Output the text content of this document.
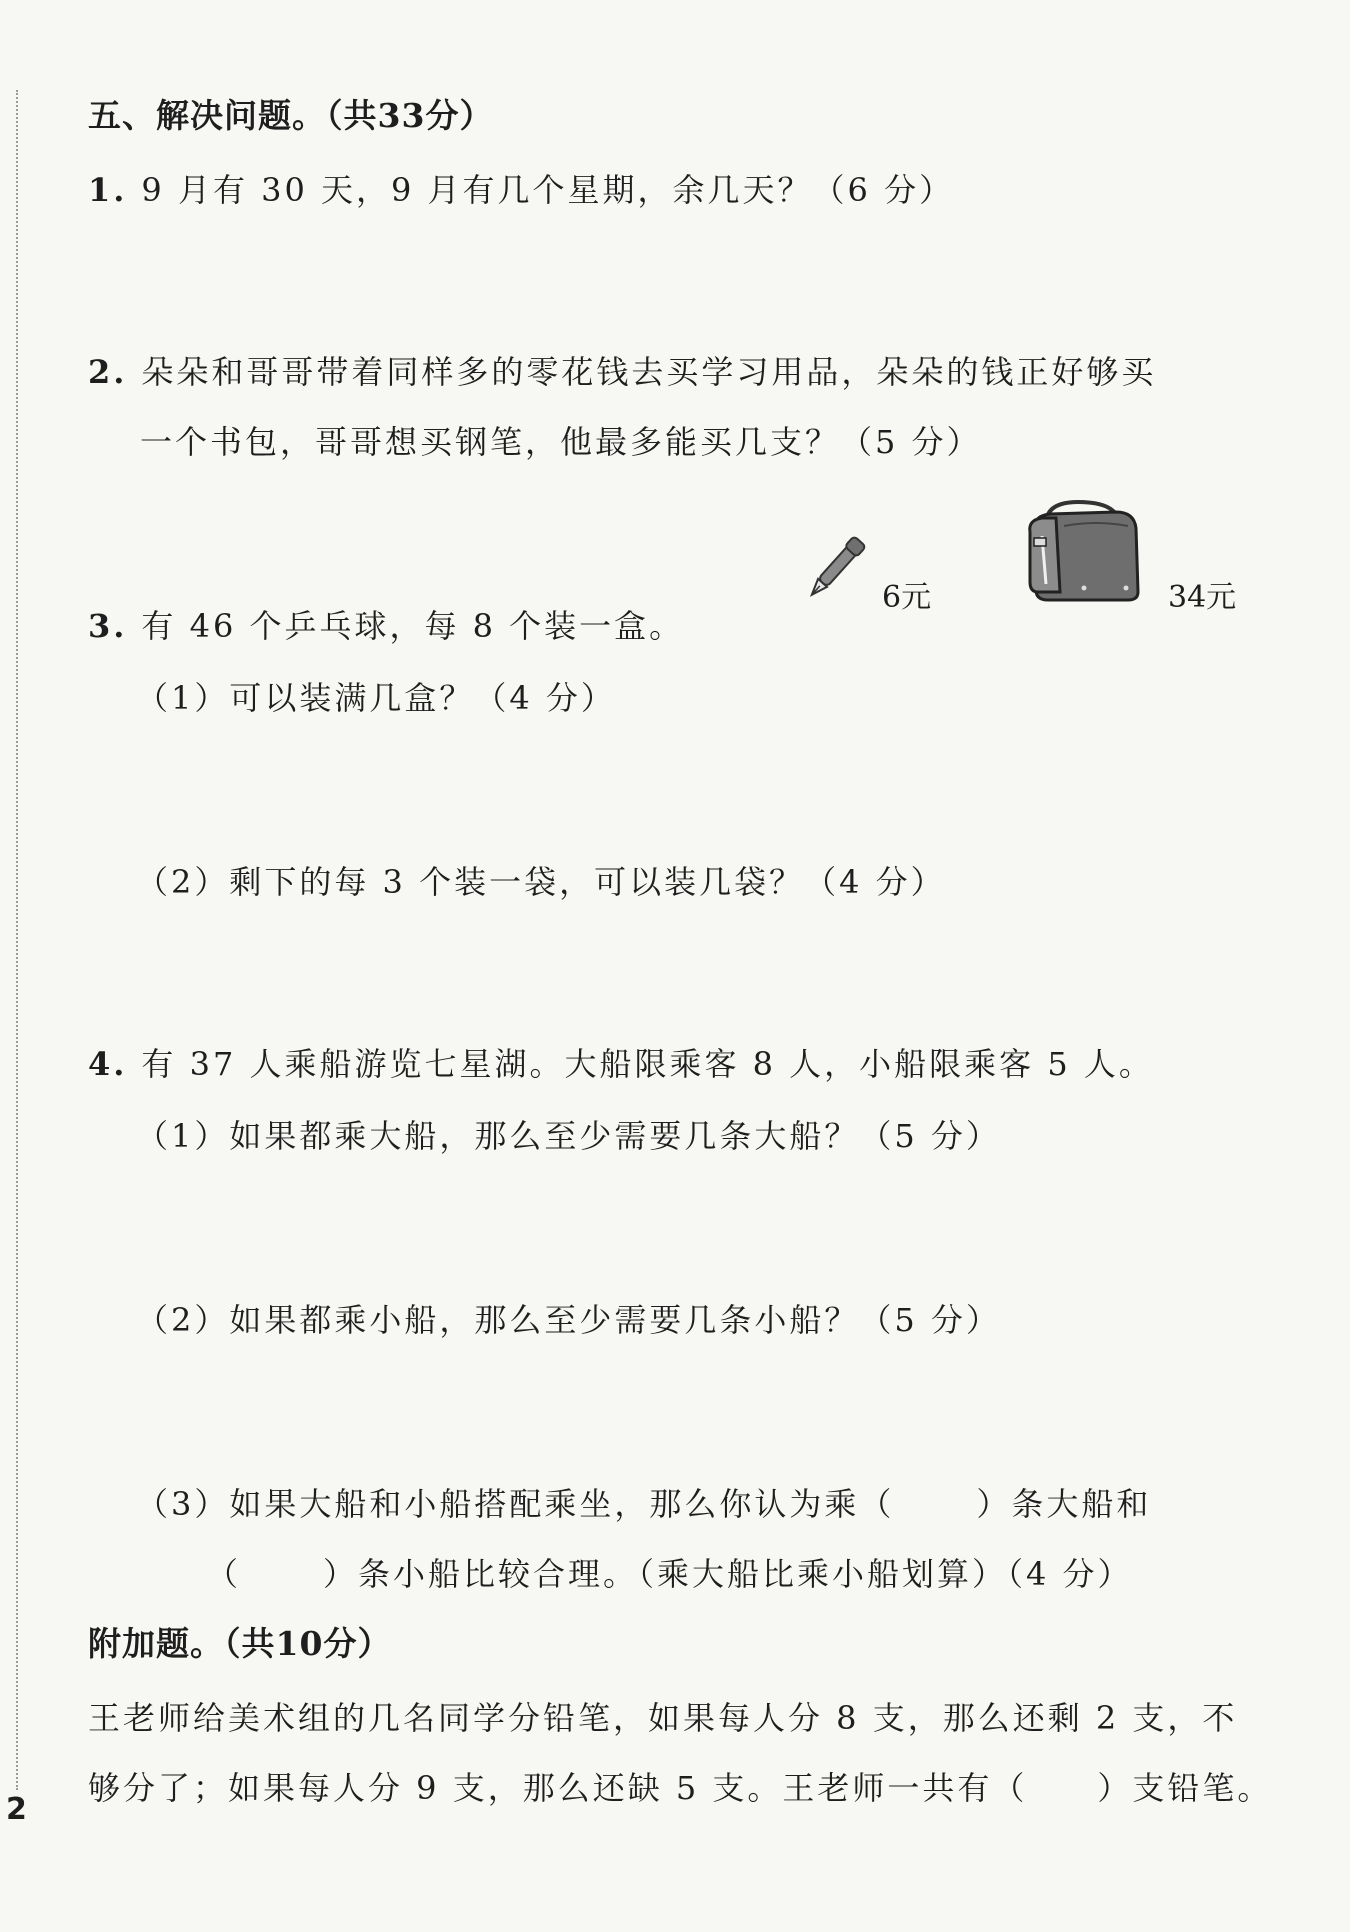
五、解决问题。（共33分）
1. 9 月有 30 天，9 月有几个星期，余几天？（6 分）
2. 朵朵和哥哥带着同样多的零花钱去买学习用品，朵朵的钱正好够买
一个书包，哥哥想买钢笔，他最多能买几支？（5 分）
6元	34元
3. 有 46 个乒乓球，每 8 个装一盒。
（1）可以装满几盒？（4 分）
（2）剩下的每 3 个装一袋，可以装几袋？（4 分）
4. 有 37 人乘船游览七星湖。大船限乘客 8 人，小船限乘客 5 人。
（1）如果都乘大船，那么至少需要几条大船？（5 分）
（2）如果都乘小船，那么至少需要几条小船？（5 分）
（3）如果大船和小船搭配乘坐，那么你认为乘（	）条大船和
（	）条小船比较合理。（乘大船比乘小船划算）（4 分）
附加题。（共10分）
王老师给美术组的几名同学分铅笔，如果每人分 8 支，那么还剩 2 支，不
够分了；如果每人分 9 支，那么还缺 5 支。王老师一共有（ ）支铅笔。
2
